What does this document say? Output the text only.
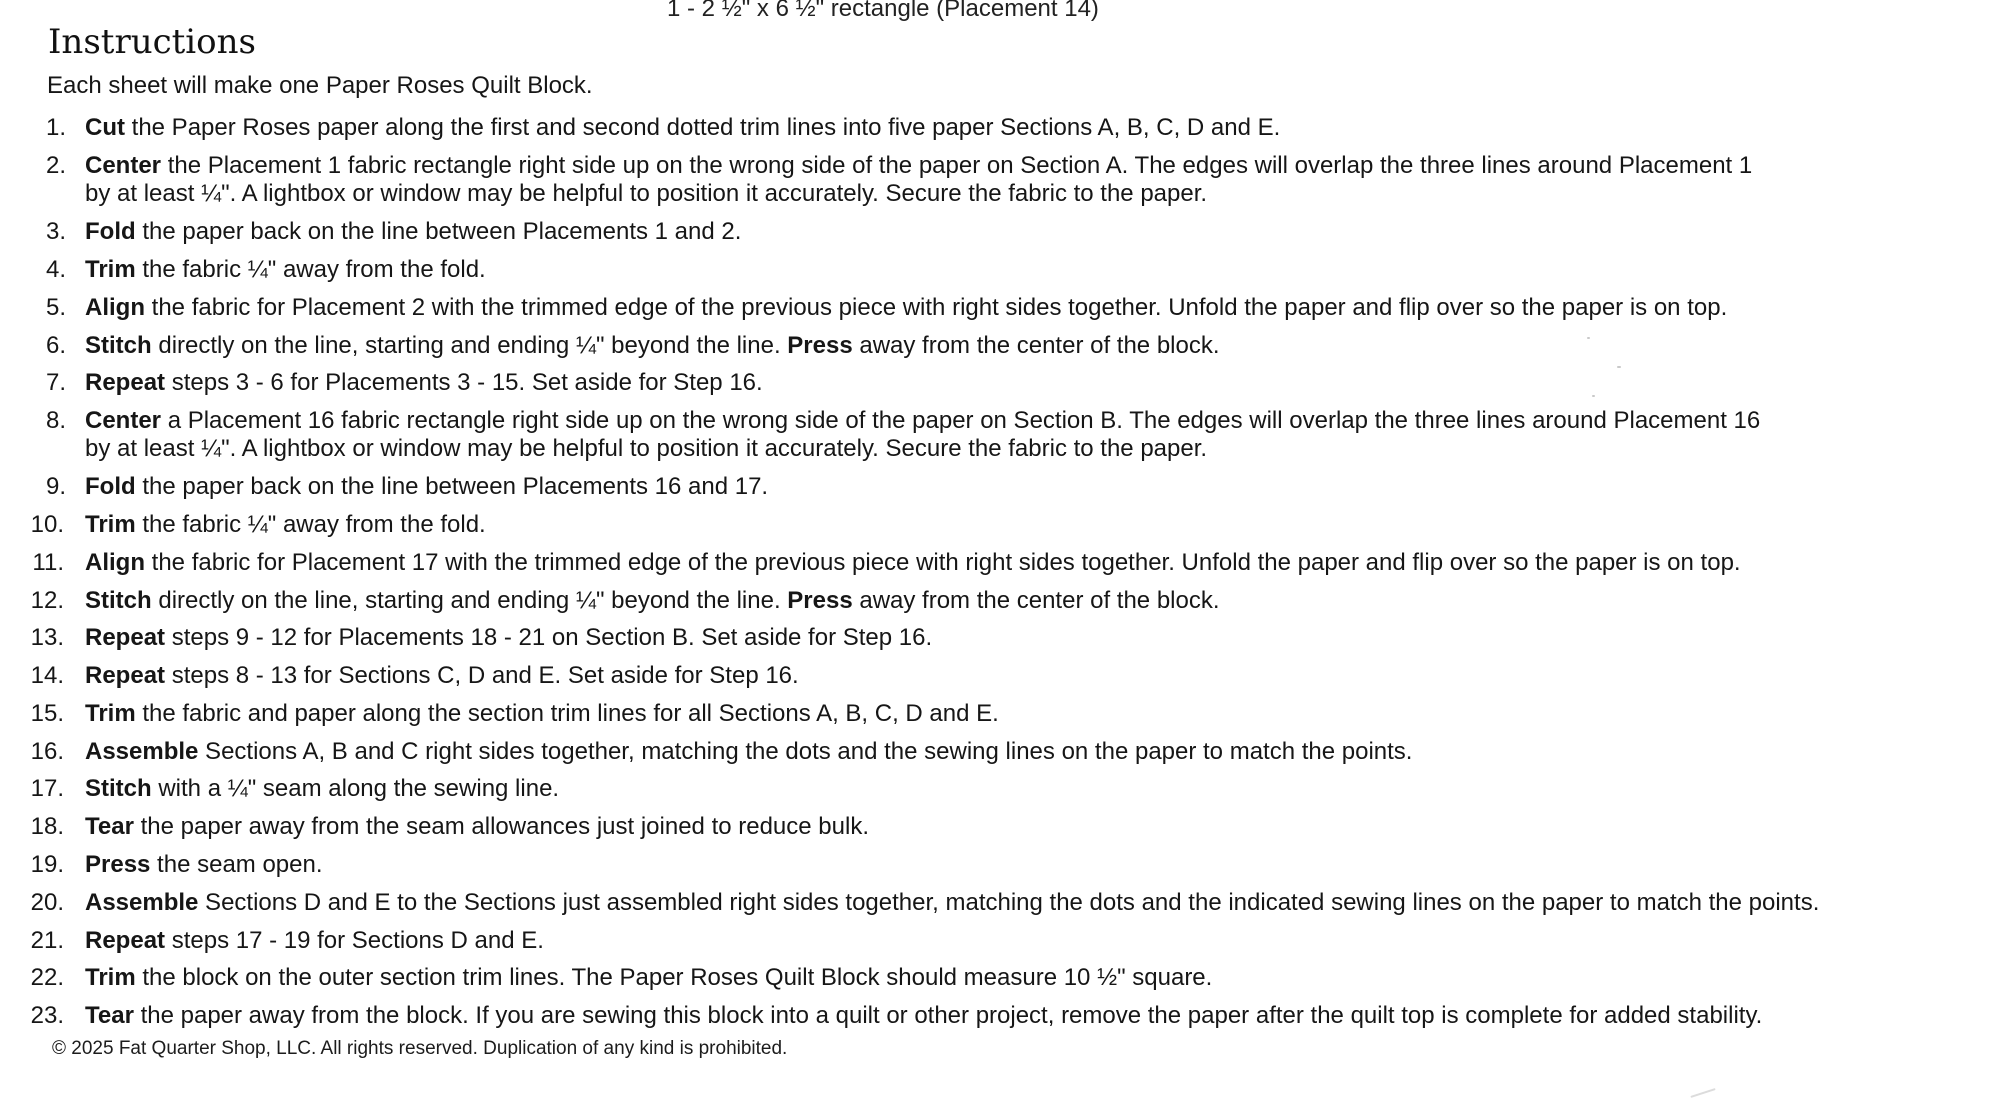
1 - 2 ½" x 6 ½" rectangle (Placement 14)
Instructions
Each sheet will make one Paper Roses Quilt Block.
1. Cut the Paper Roses paper along the first and second dotted trim lines into five paper Sections A, B, C, D and E.
2. Center the Placement 1 fabric rectangle right side up on the wrong side of the paper on Section A. The edges will overlap the three lines around Placement 1
by at least ¼". A lightbox or window may be helpful to position it accurately. Secure the fabric to the paper.
3. Fold the paper back on the line between Placements 1 and 2.
4. Trim the fabric ¼" away from the fold.
5. Align the fabric for Placement 2 with the trimmed edge of the previous piece with right sides together. Unfold the paper and flip over so the paper is on top.
6. Stitch directly on the line, starting and ending ¼" beyond the line. Press away from the center of the block.
7. Repeat steps 3 - 6 for Placements 3 - 15. Set aside for Step 16.
8. Center a Placement 16 fabric rectangle right side up on the wrong side of the paper on Section B. The edges will overlap the three lines around Placement 16
by at least ¼". A lightbox or window may be helpful to position it accurately. Secure the fabric to the paper.
9. Fold the paper back on the line between Placements 16 and 17.
10. Trim the fabric ¼" away from the fold.
11. Align the fabric for Placement 17 with the trimmed edge of the previous piece with right sides together. Unfold the paper and flip over so the paper is on top.
12. Stitch directly on the line, starting and ending ¼" beyond the line. Press away from the center of the block.
13. Repeat steps 9 - 12 for Placements 18 - 21 on Section B. Set aside for Step 16.
14. Repeat steps 8 - 13 for Sections C, D and E. Set aside for Step 16.
15. Trim the fabric and paper along the section trim lines for all Sections A, B, C, D and E.
16. Assemble Sections A, B and C right sides together, matching the dots and the sewing lines on the paper to match the points.
17. Stitch with a ¼" seam along the sewing line.
18. Tear the paper away from the seam allowances just joined to reduce bulk.
19. Press the seam open.
20. Assemble Sections D and E to the Sections just assembled right sides together, matching the dots and the indicated sewing lines on the paper to match the points.
21. Repeat steps 17 - 19 for Sections D and E.
22. Trim the block on the outer section trim lines. The Paper Roses Quilt Block should measure 10 ½" square.
23. Tear the paper away from the block. If you are sewing this block into a quilt or other project, remove the paper after the quilt top is complete for added stability.
© 2025 Fat Quarter Shop, LLC. All rights reserved. Duplication of any kind is prohibited.
